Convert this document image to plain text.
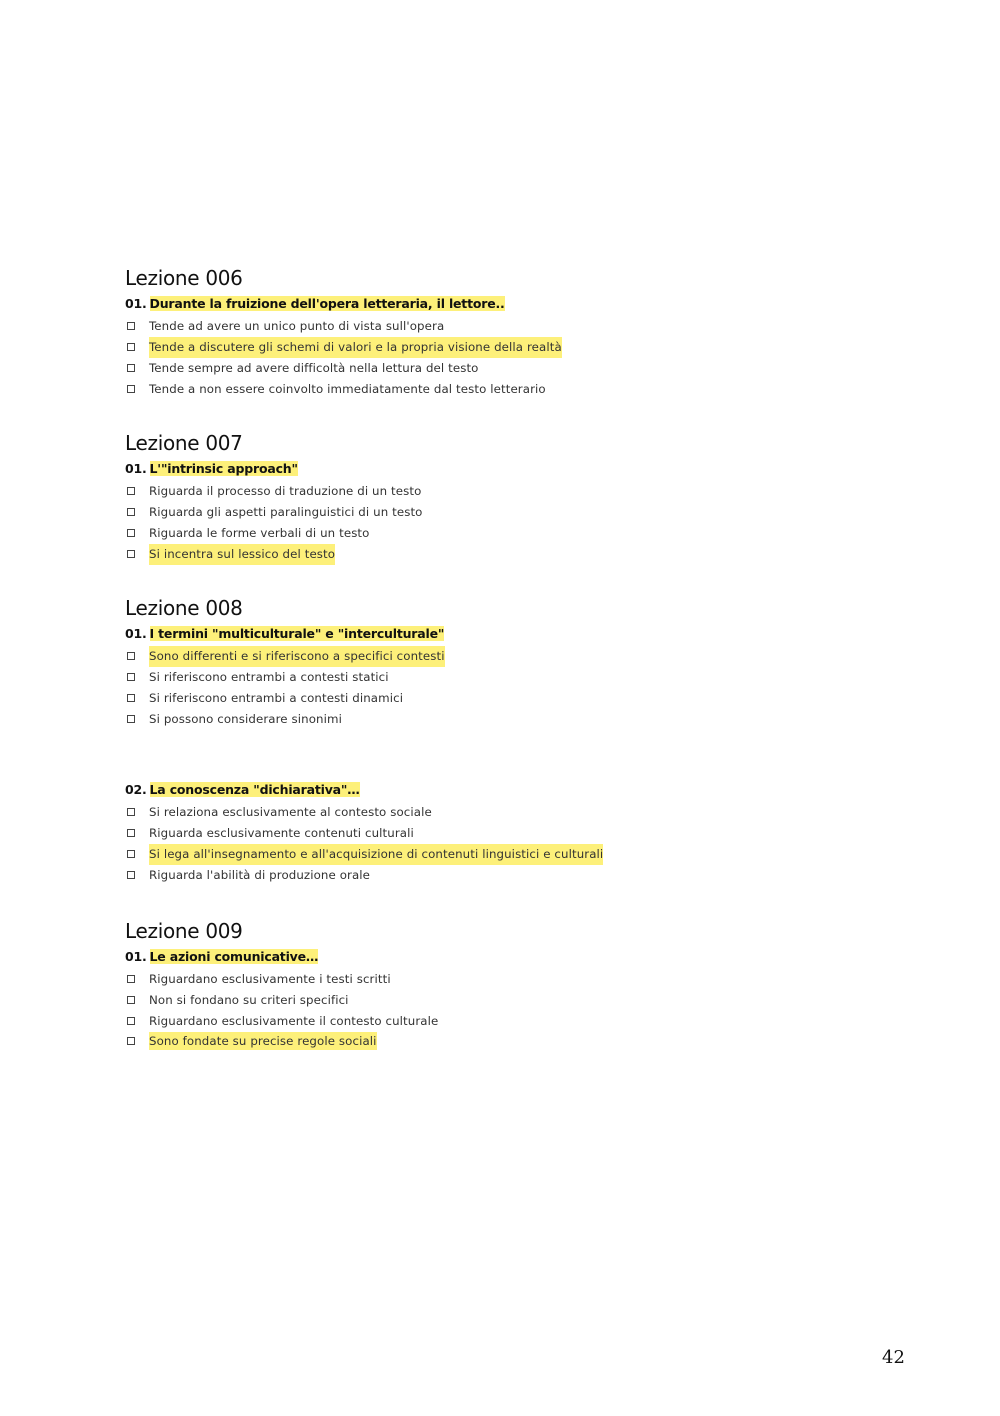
Lezione 006
01. Durante la fruizione dell'opera letteraria, il lettore..
Tende ad avere un unico punto di vista sull'opera
Tende a discutere gli schemi di valori e la propria visione della realtà
Tende sempre ad avere difficoltà nella lettura del testo
Tende a non essere coinvolto immediatamente dal testo letterario
Lezione 007
01. L'"intrinsic approach"
Riguarda il processo di traduzione di un testo
Riguarda gli aspetti paralinguistici di un testo
Riguarda le forme verbali di un testo
Si incentra sul lessico del testo
Lezione 008
01. I termini "multiculturale" e "interculturale"
Sono differenti e si riferiscono a specifici contesti
Si riferiscono entrambi a contesti statici
Si riferiscono entrambi a contesti dinamici
Si possono considerare sinonimi
02. La conoscenza "dichiarativa"…
Si relaziona esclusivamente al contesto sociale
Riguarda esclusivamente contenuti culturali
Si lega all'insegnamento e all'acquisizione di contenuti linguistici e culturali
Riguarda l'abilità di produzione orale
Lezione 009
01. Le azioni comunicative…
Riguardano esclusivamente i testi scritti
Non si fondano su criteri specifici
Riguardano esclusivamente il contesto culturale
Sono fondate su precise regole sociali
42
